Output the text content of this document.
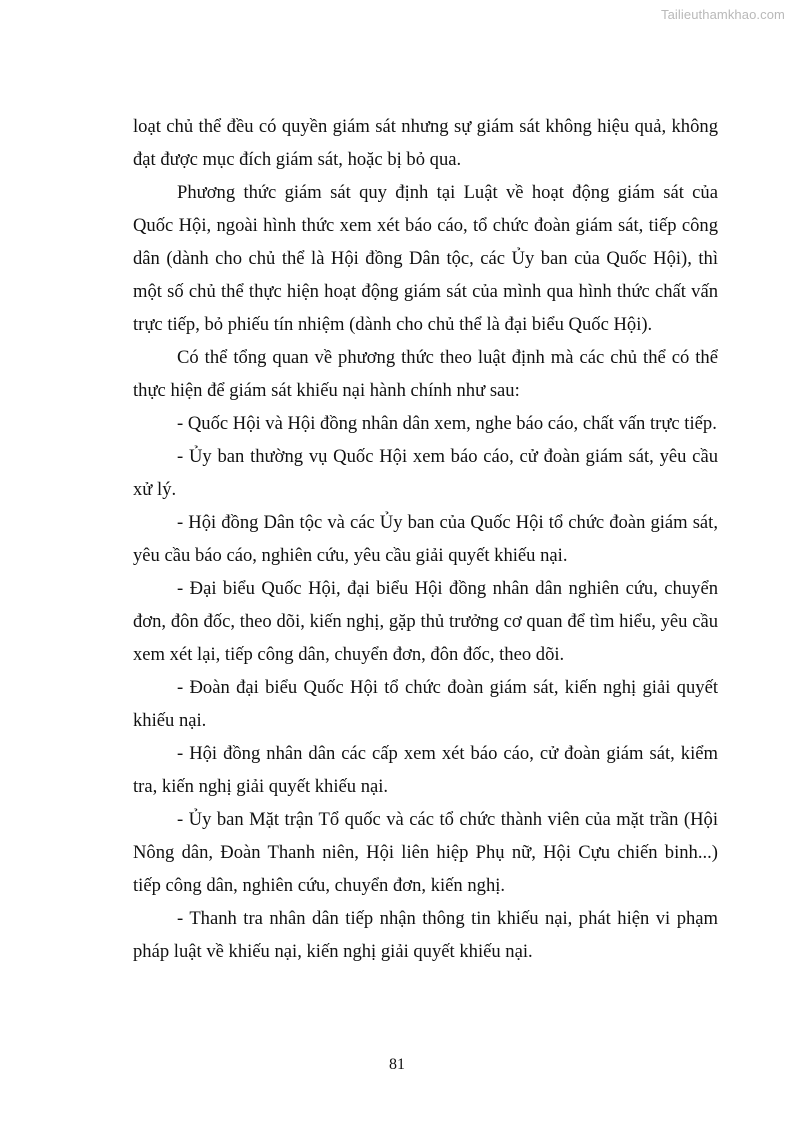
Tailieuthamkhao.com
loạt chủ thể đều có quyền giám sát nhưng sự giám sát không hiệu quả, không
đạt được mục đích giám sát, hoặc bị bỏ qua.
Phương thức giám sát quy định tại Luật về hoạt động giám sát của
Quốc Hội, ngoài hình thức xem xét báo cáo, tổ chức đoàn giám sát, tiếp công
dân (dành cho chủ thể là Hội đồng Dân tộc, các Ủy ban của Quốc Hội), thì
một số chủ thể thực hiện hoạt động giám sát của mình qua hình thức chất vấn
trực tiếp, bỏ phiếu tín nhiệm (dành cho chủ thể là đại biểu Quốc Hội).
Có thể tổng quan về phương thức theo luật định mà các chủ thể có thể
thực hiện để giám sát khiếu nại hành chính như sau:
- Quốc Hội và Hội đồng nhân dân xem, nghe báo cáo, chất vấn trực tiếp.
- Ủy ban thường vụ Quốc Hội xem báo cáo, cử đoàn giám sát, yêu cầu
xử lý.
- Hội đồng Dân tộc và các Ủy ban của Quốc Hội tổ chức đoàn giám sát,
yêu cầu báo cáo, nghiên cứu, yêu cầu giải quyết khiếu nại.
- Đại biểu Quốc Hội, đại biểu Hội đồng nhân dân nghiên cứu, chuyển
đơn, đôn đốc, theo dõi, kiến nghị, gặp thủ trưởng cơ quan để tìm hiểu, yêu cầu
xem xét lại, tiếp công dân, chuyển đơn, đôn đốc, theo dõi.
- Đoàn đại biểu Quốc Hội tổ chức đoàn giám sát, kiến nghị giải quyết
khiếu nại.
- Hội đồng nhân dân các cấp xem xét báo cáo, cử đoàn giám sát, kiểm
tra, kiến nghị giải quyết khiếu nại.
- Ủy ban Mặt trận Tổ quốc và các tổ chức thành viên của mặt trần (Hội
Nông dân, Đoàn Thanh niên, Hội liên hiệp Phụ nữ, Hội Cựu chiến binh...)
tiếp công dân, nghiên cứu, chuyển đơn, kiến nghị.
- Thanh tra nhân dân tiếp nhận thông tin khiếu nại, phát hiện vi phạm
pháp luật về khiếu nại, kiến nghị giải quyết khiếu nại.
81
